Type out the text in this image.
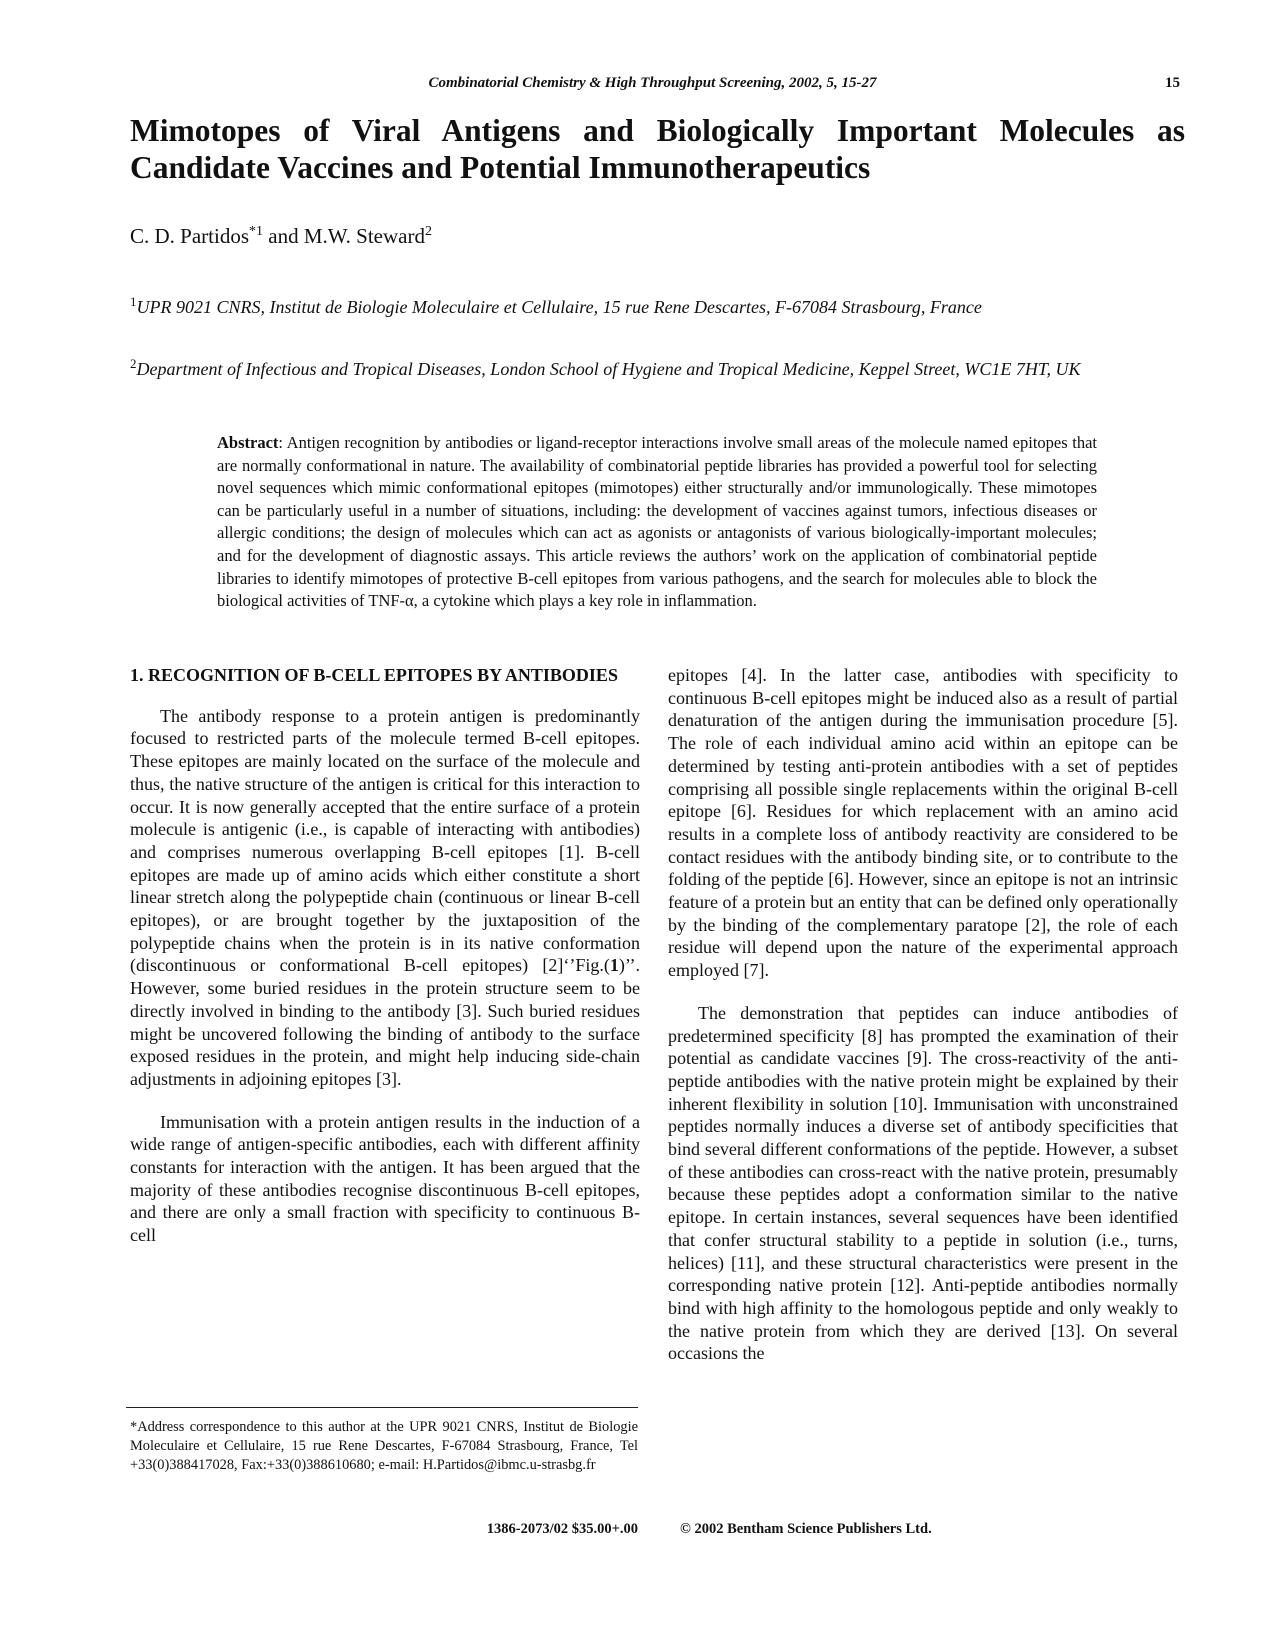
Combinatorial Chemistry & High Throughput Screening, 2002, 5, 15-27	15
Mimotopes of Viral Antigens and Biologically Important Molecules as Candidate Vaccines and Potential Immunotherapeutics
C. D. Partidos$^{*1}$ and M.W. Steward$^2$
$^1$UPR 9021 CNRS, Institut de Biologie Moleculaire et Cellulaire, 15 rue Rene Descartes, F-67084 Strasbourg, France
$^2$Department of Infectious and Tropical Diseases, London School of Hygiene and Tropical Medicine, Keppel Street, WC1E 7HT, UK
Abstract: Antigen recognition by antibodies or ligand-receptor interactions involve small areas of the molecule named epitopes that are normally conformational in nature. The availability of combinatorial peptide libraries has provided a powerful tool for selecting novel sequences which mimic conformational epitopes (mimotopes) either structurally and/or immunologically. These mimotopes can be particularly useful in a number of situations, including: the development of vaccines against tumors, infectious diseases or allergic conditions; the design of molecules which can act as agonists or antagonists of various biologically-important molecules; and for the development of diagnostic assays. This article reviews the authors’ work on the application of combinatorial peptide libraries to identify mimotopes of protective B-cell epitopes from various pathogens, and the search for molecules able to block the biological activities of TNF-α, a cytokine which plays a key role in inflammation.
1. RECOGNITION OF B-CELL EPITOPES BY ANTIBODIES

The antibody response to a protein antigen is predominantly focused to restricted parts of the molecule termed B-cell epitopes. These epitopes are mainly located on the surface of the molecule and thus, the native structure of the antigen is critical for this interaction to occur. It is now generally accepted that the entire surface of a protein molecule is antigenic (i.e., is capable of interacting with antibodies) and comprises numerous overlapping B-cell epitopes [1]. B-cell epitopes are made up of amino acids which either constitute a short linear stretch along the polypeptide chain (continuous or linear B-cell epitopes), or are brought together by the juxtaposition of the polypeptide chains when the protein is in its native conformation (discontinuous or conformational B-cell epitopes) [2]‘’Fig.(1)’’. However, some buried residues in the protein structure seem to be directly involved in binding to the antibody [3]. Such buried residues might be uncovered following the binding of antibody to the surface exposed residues in the protein, and might help inducing side-chain adjustments in adjoining epitopes [3].

Immunisation with a protein antigen results in the induction of a wide range of antigen-specific antibodies, each with different affinity constants for interaction with the antigen. It has been argued that the majority of these antibodies recognise discontinuous B-cell epitopes, and there are only a small fraction with specificity to continuous B-cell

epitopes [4]. In the latter case, antibodies with specificity to continuous B-cell epitopes might be induced also as a result of partial denaturation of the antigen during the immunisation procedure [5]. The role of each individual amino acid within an epitope can be determined by testing anti-protein antibodies with a set of peptides comprising all possible single replacements within the original B-cell epitope [6]. Residues for which replacement with an amino acid results in a complete loss of antibody reactivity are considered to be contact residues with the antibody binding site, or to contribute to the folding of the peptide [6]. However, since an epitope is not an intrinsic feature of a protein but an entity that can be defined only operationally by the binding of the complementary paratope [2], the role of each residue will depend upon the nature of the experimental approach employed [7].

The demonstration that peptides can induce antibodies of predetermined specificity [8] has prompted the examination of their potential as candidate vaccines [9]. The cross-reactivity of the anti-peptide antibodies with the native protein might be explained by their inherent flexibility in solution [10]. Immunisation with unconstrained peptides normally induces a diverse set of antibody specificities that bind several different conformations of the peptide. However, a subset of these antibodies can cross-react with the native protein, presumably because these peptides adopt a conformation similar to the native epitope. In certain instances, several sequences have been identified that confer structural stability to a peptide in solution (i.e., turns, helices) [11], and these structural characteristics were present in the corresponding native protein [12]. Anti-peptide antibodies normally bind with high affinity to the homologous peptide and only weakly to the native protein from which they are derived [13]. On several occasions the

*Address correspondence to this author at the UPR 9021 CNRS, Institut de Biologie Moleculaire et Cellulaire, 15 rue Rene Descartes, F-67084 Strasbourg, France, Tel +33(0)388417028, Fax:+33(0)388610680; e-mail: H.Partidos@ibmc.u-strasbg.fr
1386-2073/02 $35.00+.00	© 2002 Bentham Science Publishers Ltd.
